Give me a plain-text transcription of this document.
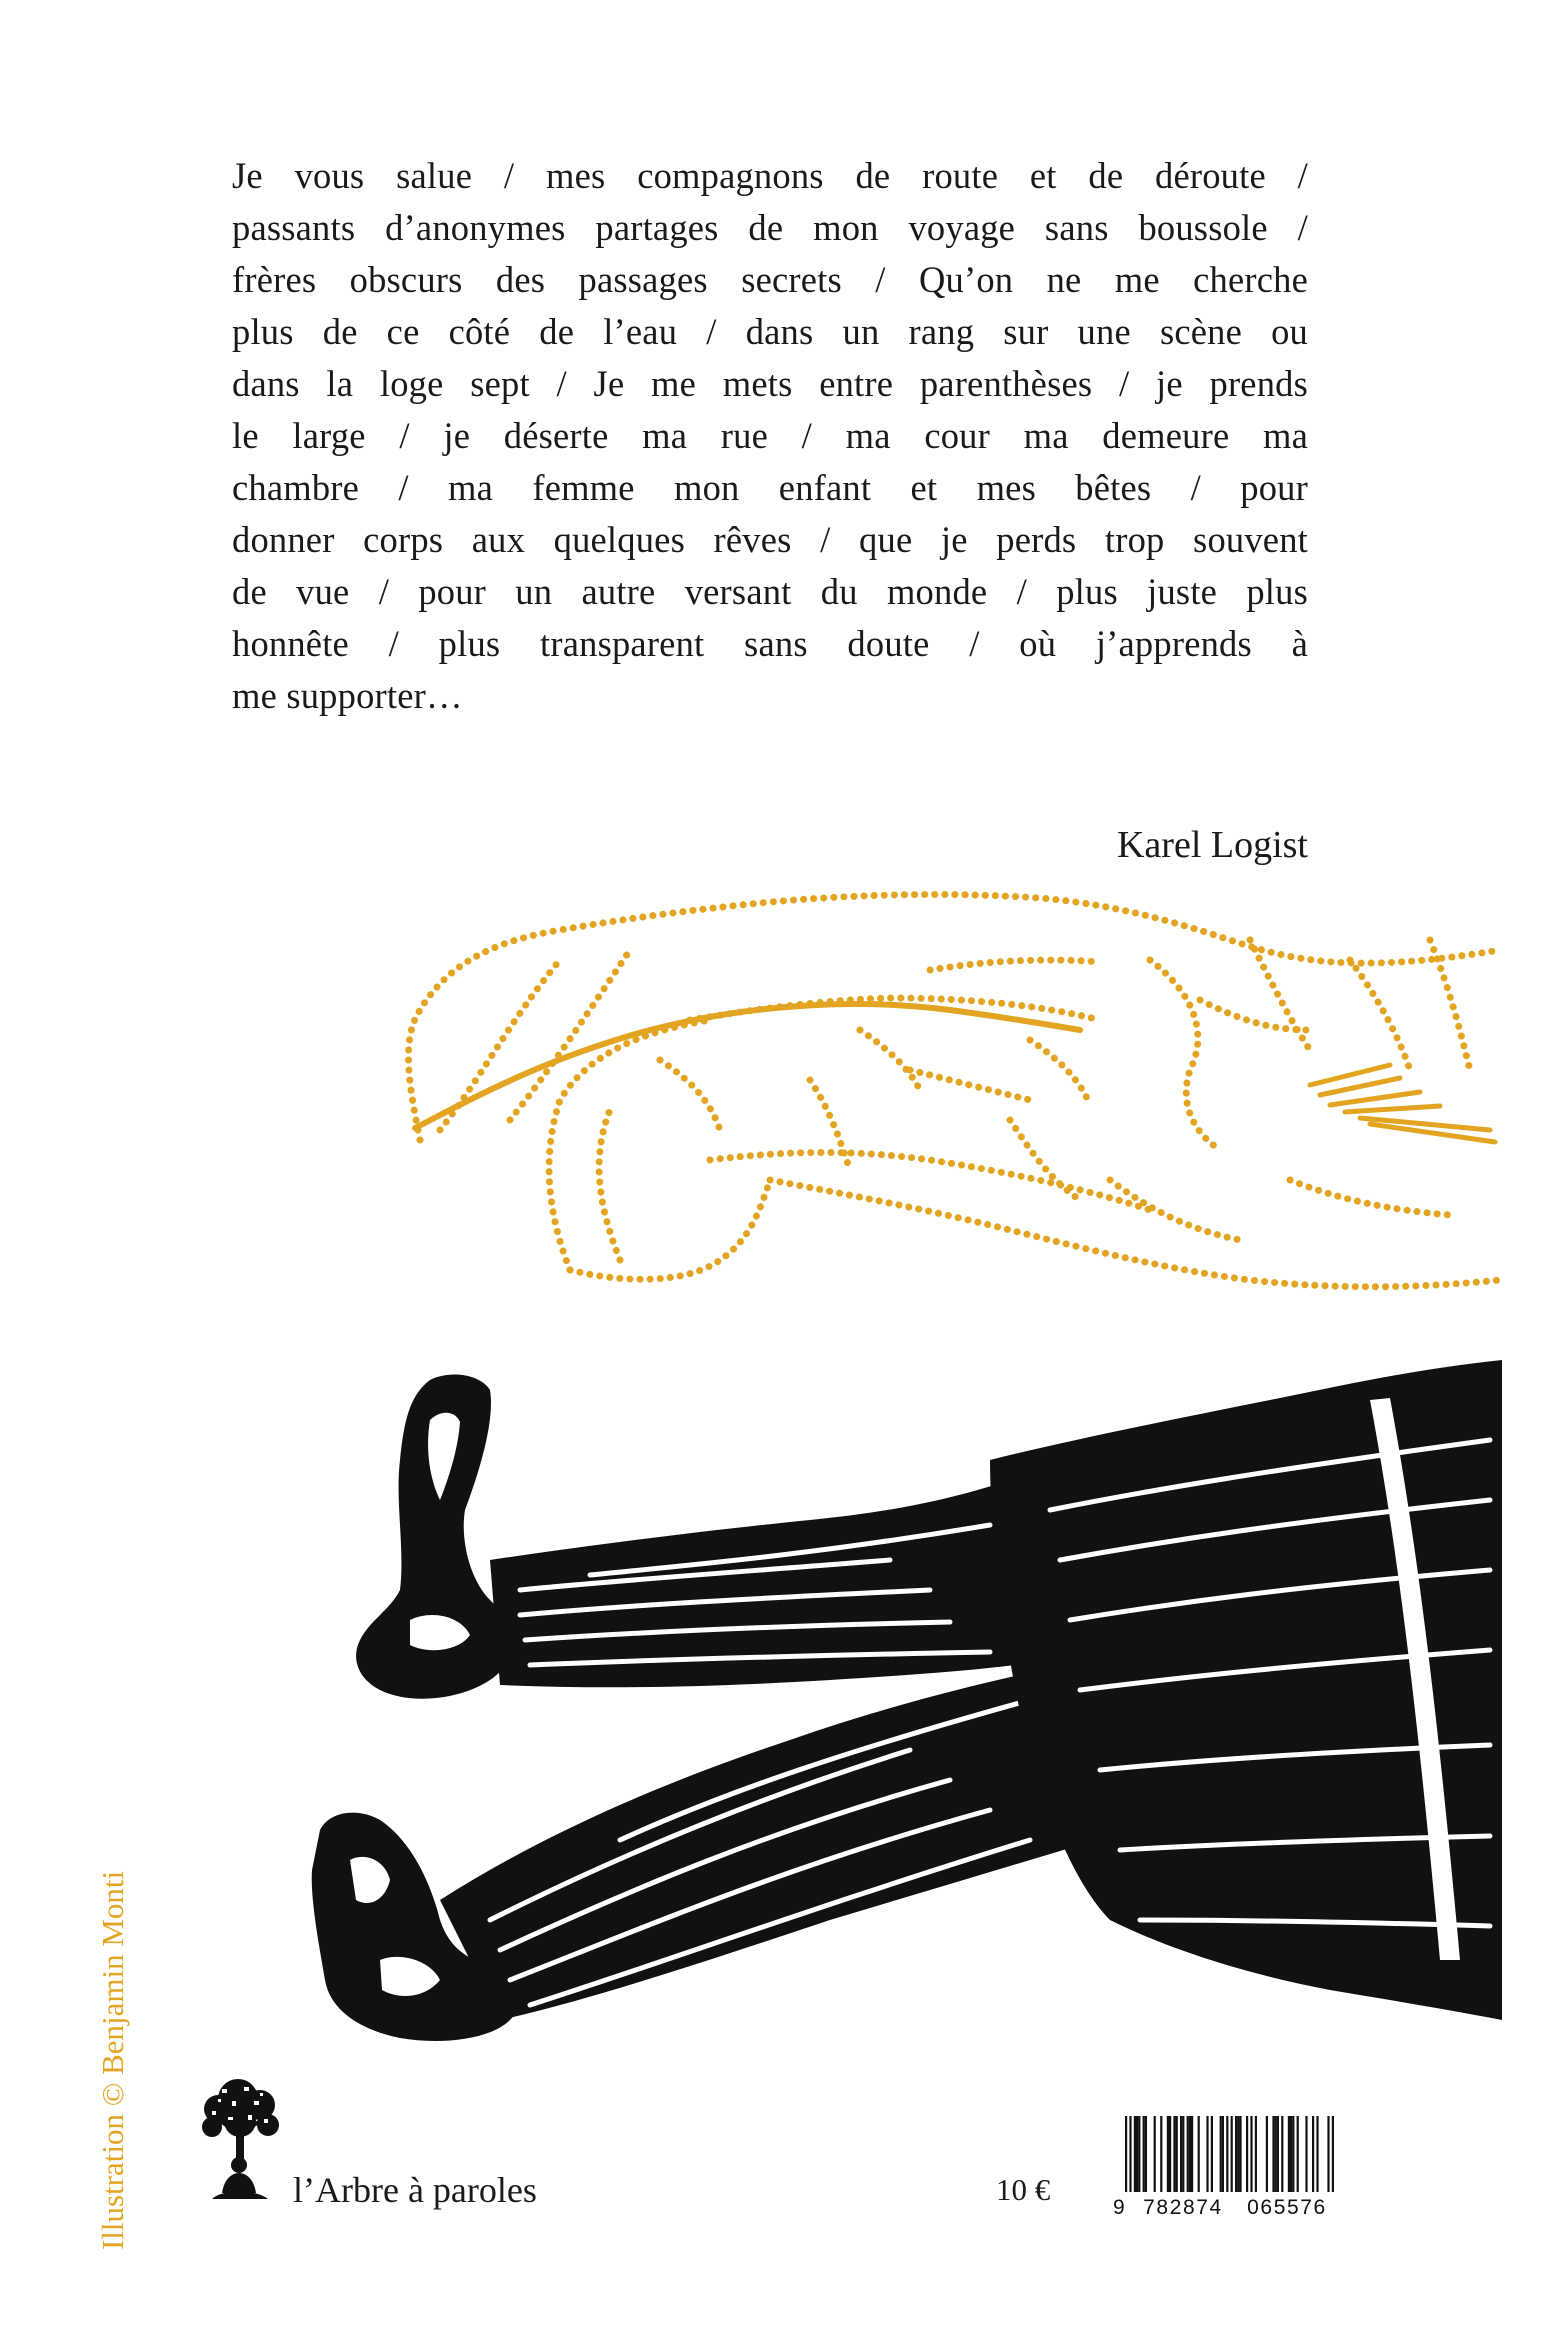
Je vous salue / mes compagnons de route et de déroute /
passants d’anonymes partages de mon voyage sans boussole /
frères obscurs des passages secrets / Qu’on ne me cherche
plus de ce côté de l’eau / dans un rang sur une scène ou
dans la loge sept / Je me mets entre parenthèses / je prends
le large / je déserte ma rue / ma cour ma demeure ma
chambre / ma femme mon enfant et mes bêtes / pour
donner corps aux quelques rêves / que je perds trop souvent
de vue / pour un autre versant du monde / plus juste plus
honnête / plus transparent sans doute / où j’apprends à
me supporter…

Karel Logist

Illustration © Benjamin Monti	l’Arbre à paroles	10 €
9 782874 065576
